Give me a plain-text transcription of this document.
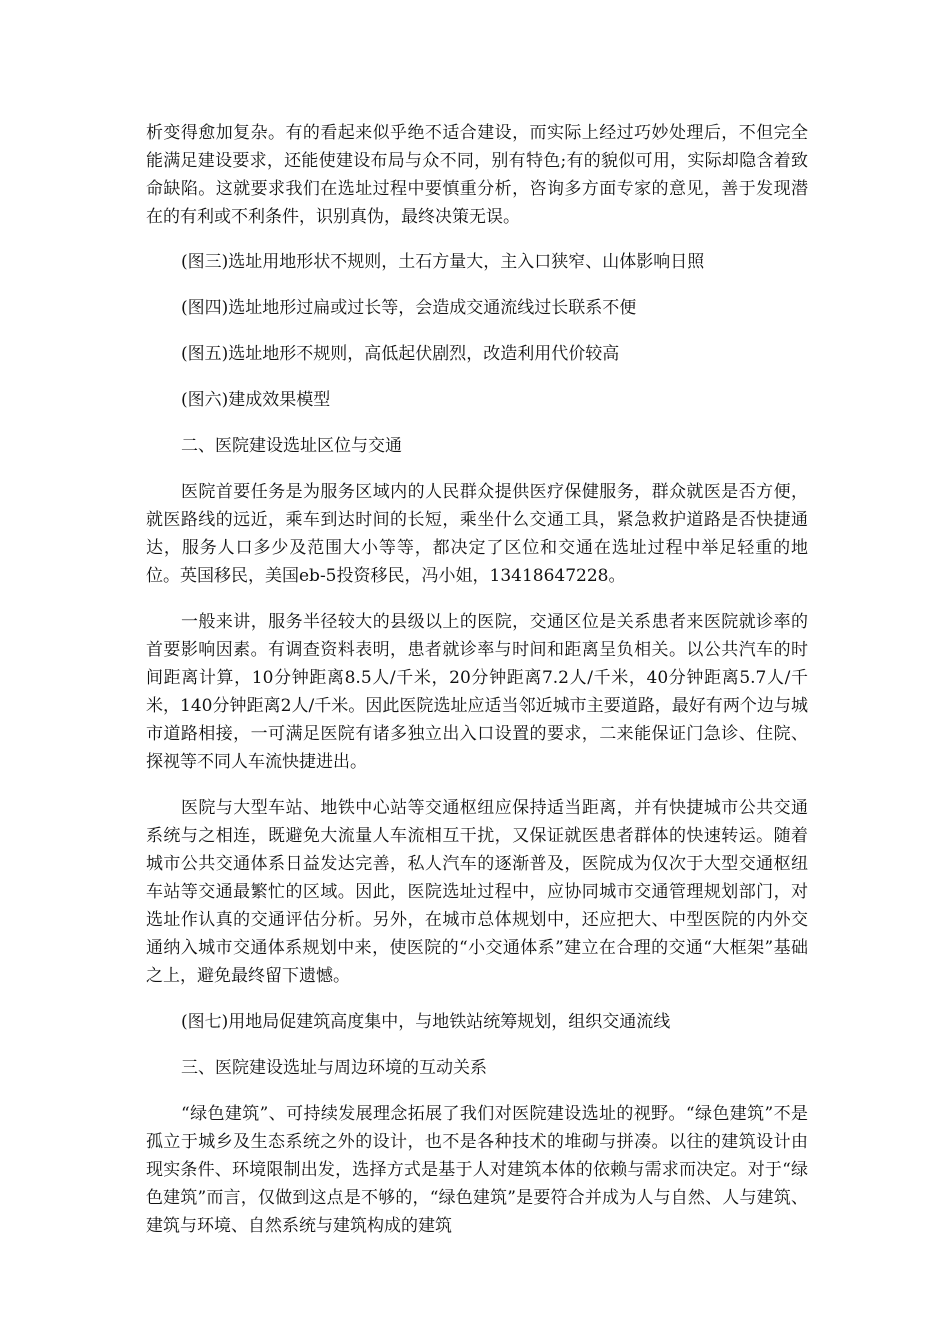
析变得愈加复杂。有的看起来似乎绝不适合建设，而实际上经过巧妙处理后，不但完全能满足建设要求，还能使建设布局与众不同，别有特色;有的貌似可用，实际却隐含着致命缺陷。这就要求我们在选址过程中要慎重分析，咨询多方面专家的意见，善于发现潜在的有利或不利条件，识别真伪，最终决策无误。

(图三)选址用地形状不规则，土石方量大，主入口狭窄、山体影响日照

(图四)选址地形过扁或过长等，会造成交通流线过长联系不便

(图五)选址地形不规则，高低起伏剧烈，改造利用代价较高

(图六)建成效果模型

二、医院建设选址区位与交通

医院首要任务是为服务区域内的人民群众提供医疗保健服务，群众就医是否方便，就医路线的远近，乘车到达时间的长短，乘坐什么交通工具，紧急救护道路是否快捷通达，服务人口多少及范围大小等等，都决定了区位和交通在选址过程中举足轻重的地位。英国移民，美国eb-5投资移民，冯小姐，13418647228。

一般来讲，服务半径较大的县级以上的医院，交通区位是关系患者来医院就诊率的首要影响因素。有调查资料表明，患者就诊率与时间和距离呈负相关。以公共汽车的时间距离计算，10分钟距离8.5人/千米，20分钟距离7.2人/千米，40分钟距离5.7人/千米，140分钟距离2人/千米。因此医院选址应适当邻近城市主要道路，最好有两个边与城市道路相接，一可满足医院有诸多独立出入口设置的要求，二来能保证门急诊、住院、探视等不同人车流快捷进出。

医院与大型车站、地铁中心站等交通枢纽应保持适当距离，并有快捷城市公共交通系统与之相连，既避免大流量人车流相互干扰，又保证就医患者群体的快速转运。随着城市公共交通体系日益发达完善，私人汽车的逐渐普及，医院成为仅次于大型交通枢纽车站等交通最繁忙的区域。因此，医院选址过程中，应协同城市交通管理规划部门，对选址作认真的交通评估分析。另外，在城市总体规划中，还应把大、中型医院的内外交通纳入城市交通体系规划中来，使医院的“小交通体系”建立在合理的交通“大框架”基础之上，避免最终留下遗憾。

(图七)用地局促建筑高度集中，与地铁站统筹规划，组织交通流线

三、医院建设选址与周边环境的互动关系

“绿色建筑”、可持续发展理念拓展了我们对医院建设选址的视野。“绿色建筑”不是孤立于城乡及生态系统之外的设计，也不是各种技术的堆砌与拼凑。以往的建筑设计由现实条件、环境限制出发，选择方式是基于人对建筑本体的依赖与需求而决定。对于“绿色建筑”而言，仅做到这点是不够的，“绿色建筑”是要符合并成为人与自然、人与建筑、建筑与环境、自然系统与建筑构成的建筑
